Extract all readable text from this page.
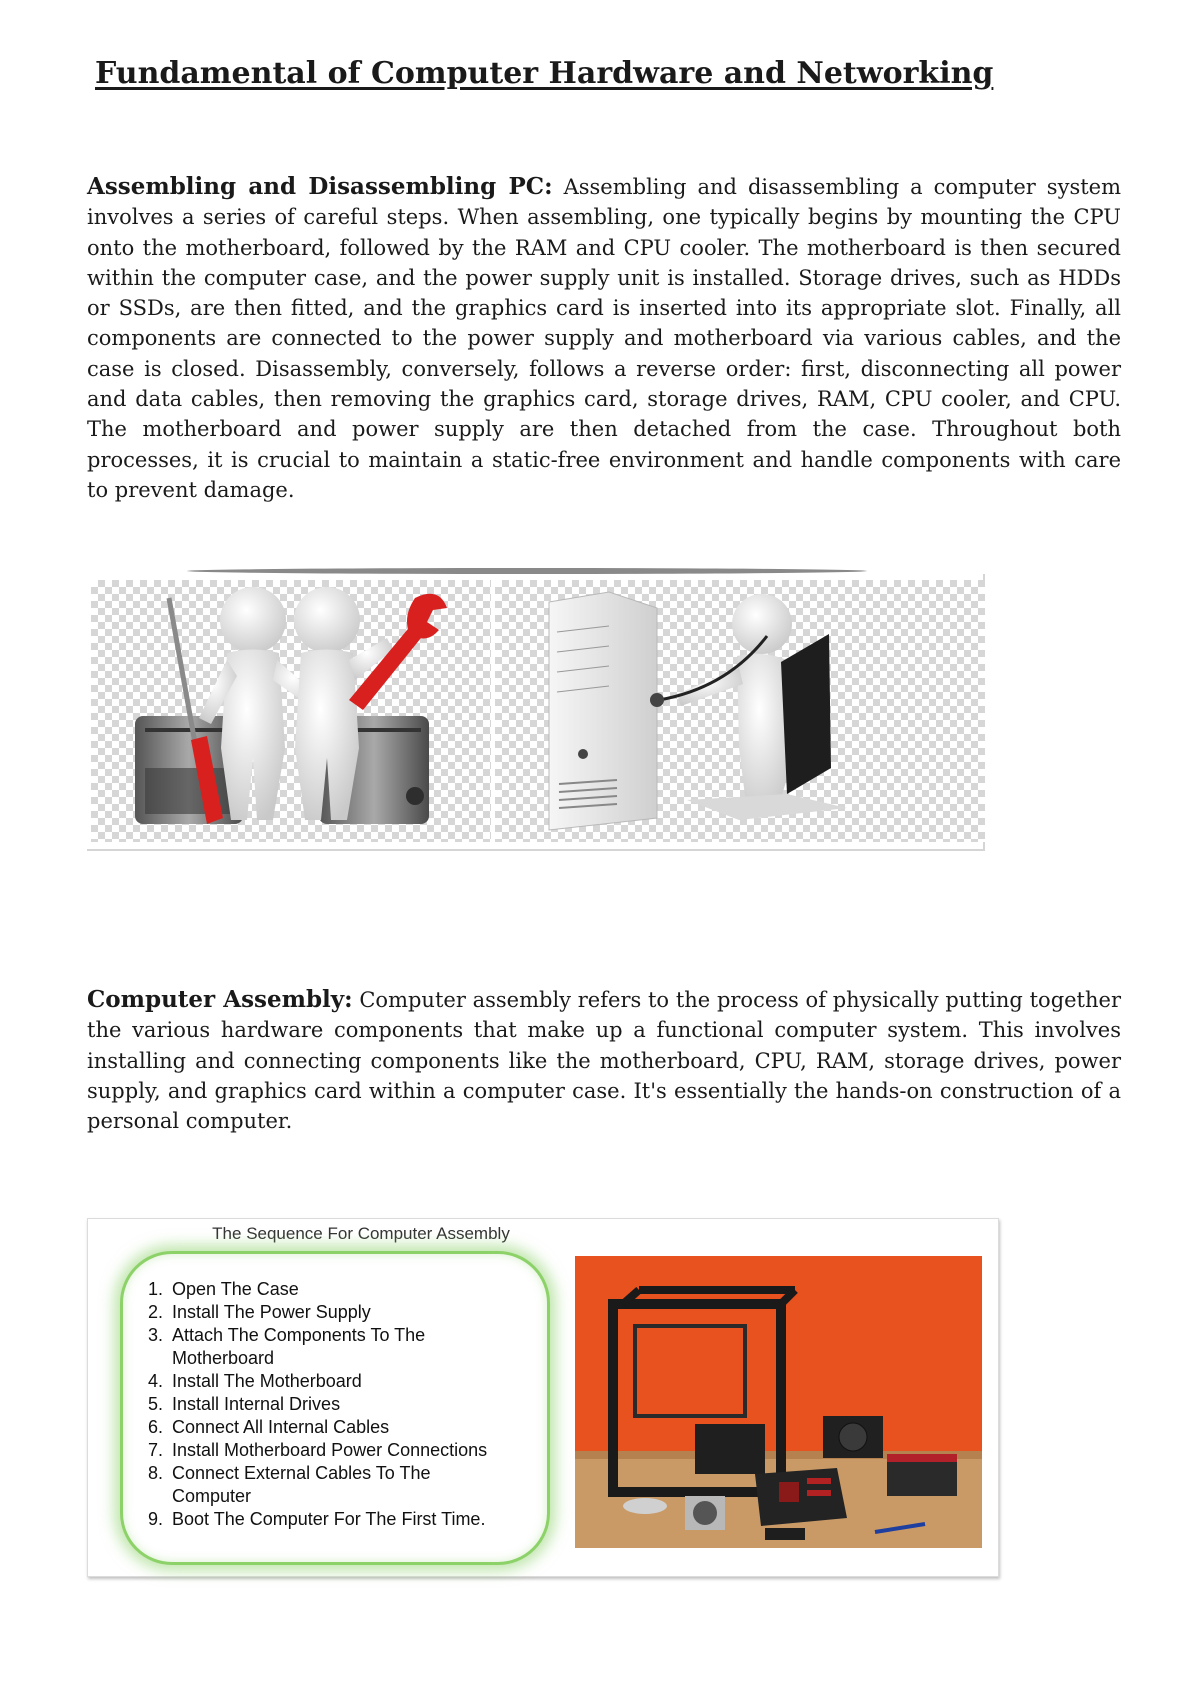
Fundamental of Computer Hardware and Networking

Assembling and Disassembling PC: Assembling and disassembling a computer system involves a series of careful steps. When assembling, one typically begins by mounting the CPU onto the motherboard, followed by the RAM and CPU cooler. The motherboard is then secured within the computer case, and the power supply unit is installed. Storage drives, such as HDDs or SSDs, are then fitted, and the graphics card is inserted into its appropriate slot. Finally, all components are connected to the power supply and motherboard via various cables, and the case is closed. Disassembly, conversely, follows a reverse order: first, disconnecting all power and data cables, then removing the graphics card, storage drives, RAM, CPU cooler, and CPU. The motherboard and power supply are then detached from the case. Throughout both processes, it is crucial to maintain a static-free environment and handle components with care to prevent damage.

Computer Assembly: Computer assembly refers to the process of physically putting together the various hardware components that make up a functional computer system. This involves installing and connecting components like the motherboard, CPU, RAM, storage drives, power supply, and graphics card within a computer case. It's essentially the hands-on construction of a personal computer.

The Sequence For Computer Assembly

1. Open The Case
2. Install The Power Supply
3. Attach The Components To The Motherboard
4. Install The Motherboard
5. Install Internal Drives
6. Connect All Internal Cables
7. Install Motherboard Power Connections
8. Connect External Cables To The Computer
9. Boot The Computer For The First Time.
